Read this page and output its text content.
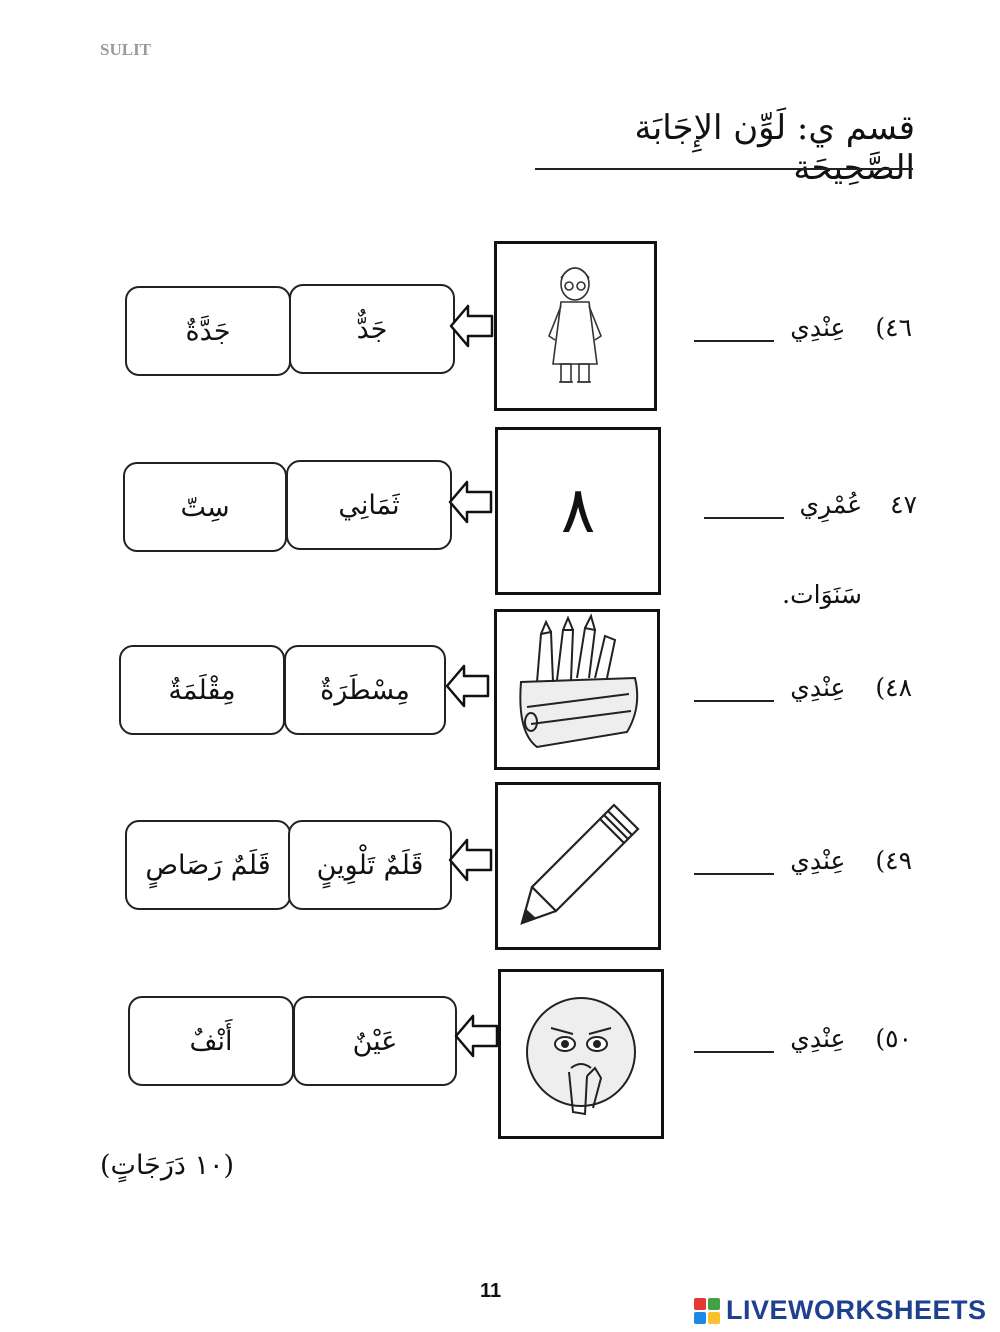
SULIT
قسم ي: لَوِّن الإِجَابَة الصَّحِيحَة
جَدَّةٌ	جَدٌّ	٤٦) عِنْدِي
سِتّ	ثَمَانِي	٨	٤٧ عُمْرِي
سَنَوَات.
مِقْلَمَةٌ	مِسْطَرَةٌ	٤٨) عِنْدِي
قَلَمٌ رَصَاصٍ	قَلَمٌ تَلْوِينٍ	٤٩) عِنْدِي
أَنْفٌ	عَيْنٌ	٥٠) عِنْدِي
(١٠ دَرَجَاتٍ)
11
LIVEWORKSHEETS
